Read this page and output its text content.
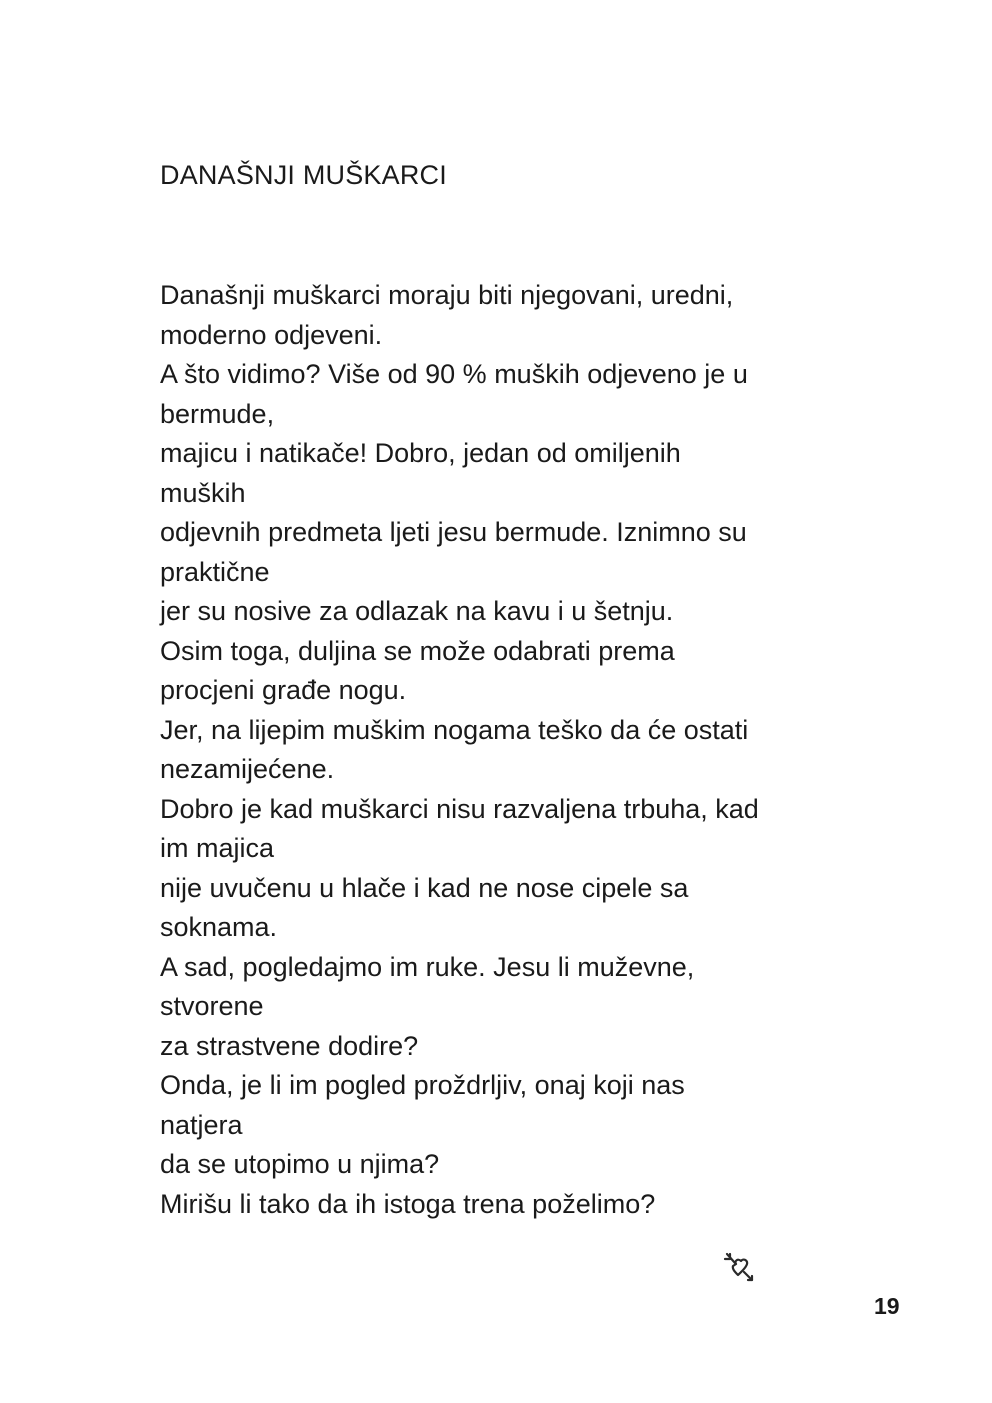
DANAŠNJI MUŠKARCI
Današnji muškarci moraju biti njegovani, uredni,
moderno odjeveni.
A što vidimo? Više od 90 % muških odjeveno je u
bermude,
majicu i natikače! Dobro, jedan od omiljenih
muških
odjevnih predmeta ljeti jesu bermude. Iznimno su
praktične
jer su nosive za odlazak na kavu i u šetnju.
Osim toga, duljina se može odabrati prema
procjeni građe nogu.
Jer, na lijepim muškim nogama teško da će ostati
nezamijećene.
Dobro je kad muškarci nisu razvaljena trbuha, kad
im majica
nije uvučenu u hlače i kad ne nose cipele sa
soknama.
A sad, pogledajmo im ruke. Jesu li muževne,
stvorene
za strastvene dodire?
Onda, je li im pogled proždrljiv, onaj koji nas
natjera
da se utopimo u njima?
Mirišu li tako da ih istoga trena poželimo?
19
